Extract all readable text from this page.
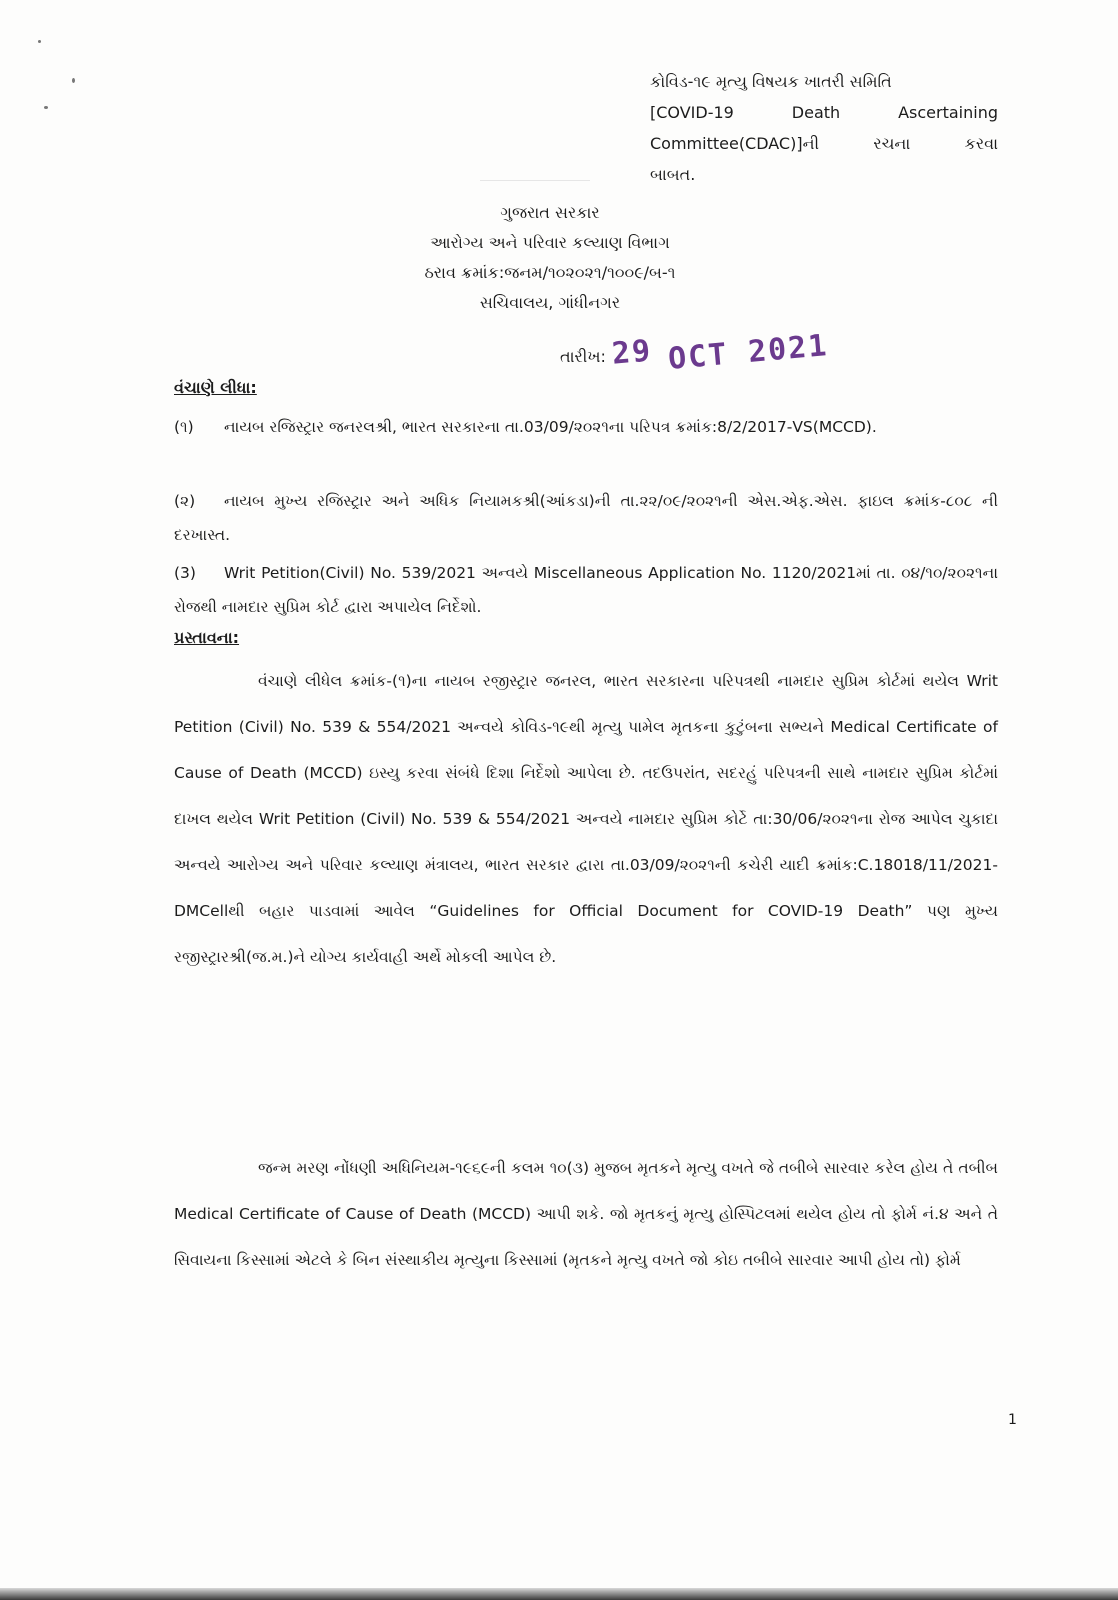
કોવિડ-૧૯ મૃત્યુ વિષયક ખાતરી સમિતિ
[COVID-19 Death Ascertaining
Committee(CDAC)]ની રચના કરવા
બાબત.
ગુજરાત સરકાર
આરોગ્ય અને પરિવાર કલ્યાણ વિભાગ
ઠરાવ ક્રમાંક:જનમ/૧૦૨૦૨૧/૧૦૦૯/બ-૧
સચિવાલય, ગાંધીનગર
તારીખ: 29 OCT 2021
વંચાણે લીધા:
(૧) નાયબ રજિસ્ટ્રાર જનરલશ્રી, ભારત સરકારના તા.03/09/૨૦૨૧ના પરિપત્ર ક્રમાંક:8/2/2017-VS(MCCD).
(૨) નાયબ મુખ્ય રજિસ્ટ્રાર અને અધિક નિયામકશ્રી(આંકડા)ની તા.૨૨/૦૯/૨૦૨૧ની એસ.એફ.એસ. ફાઇલ ક્રમાંક-૮૦૮ ની દરખાસ્ત.
(3) Writ Petition(Civil) No. 539/2021 અન્વયે Miscellaneous Application No. 1120/2021માં તા. ૦૪/૧૦/૨૦૨૧ના રોજથી નામદાર સુપ્રિમ કોર્ટ દ્વારા અપાયેલ નિર્દેશો.
પ્રસ્તાવના:
વંચાણે લીધેલ ક્રમાંક-(૧)ના નાયબ રજીસ્ટ્રાર જનરલ, ભારત સરકારના પરિપત્રથી નામદાર સુપ્રિમ કોર્ટમાં થયેલ Writ Petition (Civil) No. 539 & 554/2021 અન્વયે કોવિડ-૧૯થી મૃત્યુ પામેલ મૃતકના કુટુંબના સભ્યને Medical Certificate of Cause of Death (MCCD) ઇસ્યુ કરવા સંબંધે દિશા નિર્દેશો આપેલા છે. તદઉપરાંત, સદરહું પરિપત્રની સાથે નામદાર સુપ્રિમ કોર્ટમાં દાખલ થયેલ Writ Petition (Civil) No. 539 & 554/2021 અન્વયે નામદાર સુપ્રિમ કોર્ટે તા:30/06/૨૦૨૧ના રોજ આપેલ ચુકાદા અન્વયે આરોગ્ય અને પરિવાર કલ્યાણ મંત્રાલય, ભારત સરકાર દ્વારા તા.03/09/૨૦૨૧ની કચેરી યાદી ક્રમાંક:C.18018/11/2021-DMCellથી બહાર પાડવામાં આવેલ “Guidelines for Official Document for COVID-19 Death” પણ મુખ્ય રજીસ્ટ્રારશ્રી(જ.મ.)ને યોગ્ય કાર્યવાહી અર્થે મોકલી આપેલ છે.
જન્મ મરણ નોંધણી અધિનિયમ-૧૯૬૯ની કલમ ૧૦(૩) મુજબ મૃતકને મૃત્યુ વખતે જે તબીબે સારવાર કરેલ હોય તે તબીબ Medical Certificate of Cause of Death (MCCD) આપી શકે. જો મૃતકનું મૃત્યુ હોસ્પિટલમાં થયેલ હોય તો ફોર્મ નં.૪ અને તે સિવાયના કિસ્સામાં એટલે કે બિન સંસ્થાકીય મૃત્યુના કિસ્સામાં (મૃતકને મૃત્યુ વખતે જો કોઇ તબીબે સારવાર આપી હોય તો) ફોર્મ
1
